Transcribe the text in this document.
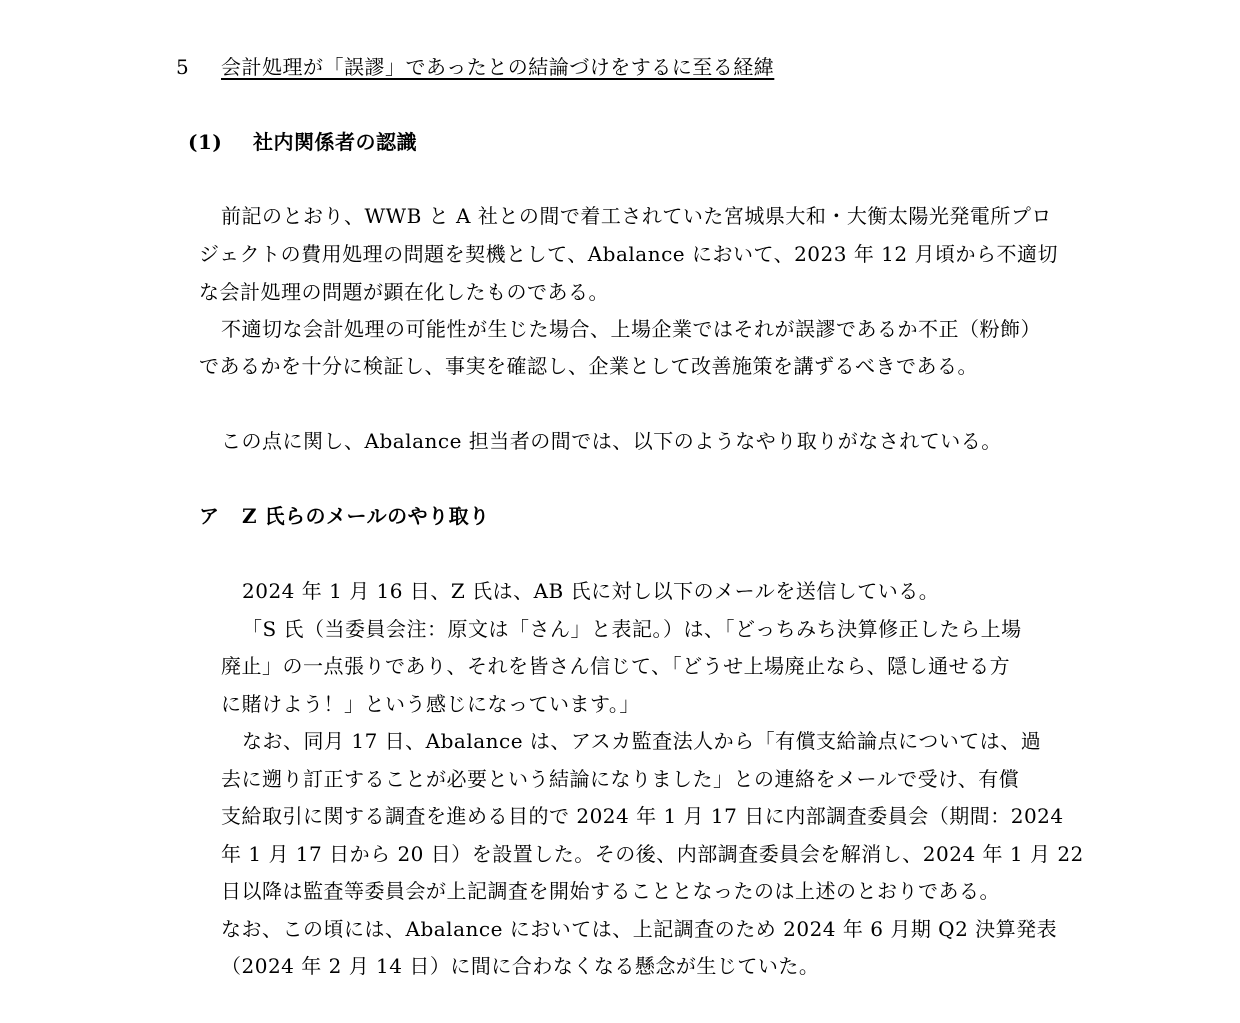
5 会計処理が「誤謬」であったとの結論づけをするに至る経緯
(1) 社内関係者の認識
前記のとおり、WWB と A 社との間で着工されていた宮城県大和・大衡太陽光発電所プロ
ジェクトの費用処理の問題を契機として、Abalance において、2023 年 12 月頃から不適切
な会計処理の問題が顕在化したものである。
不適切な会計処理の可能性が生じた場合、上場企業ではそれが誤謬であるか不正（粉飾）
であるかを十分に検証し、事実を確認し、企業として改善施策を講ずるべきである。
この点に関し、Abalance 担当者の間では、以下のようなやり取りがなされている。
ア Z 氏らのメールのやり取り
2024 年 1 月 16 日、Z 氏は、AB 氏に対し以下のメールを送信している。
「S 氏（当委員会注：原文は「さん」と表記。）は、「どっちみち決算修正したら上場
廃止」の一点張りであり、それを皆さん信じて、「どうせ上場廃止なら、隠し通せる方
に賭けよう！」という感じになっています。」
なお、同月 17 日、Abalance は、アスカ監査法人から「有償支給論点については、過
去に遡り訂正することが必要という結論になりました」との連絡をメールで受け、有償
支給取引に関する調査を進める目的で 2024 年 1 月 17 日に内部調査委員会（期間：2024
年 1 月 17 日から 20 日）を設置した。その後、内部調査委員会を解消し、2024 年 1 月 22
日以降は監査等委員会が上記調査を開始することとなったのは上述のとおりである。
なお、この頃には、Abalance においては、上記調査のため 2024 年 6 月期 Q2 決算発表
（2024 年 2 月 14 日）に間に合わなくなる懸念が生じていた。
